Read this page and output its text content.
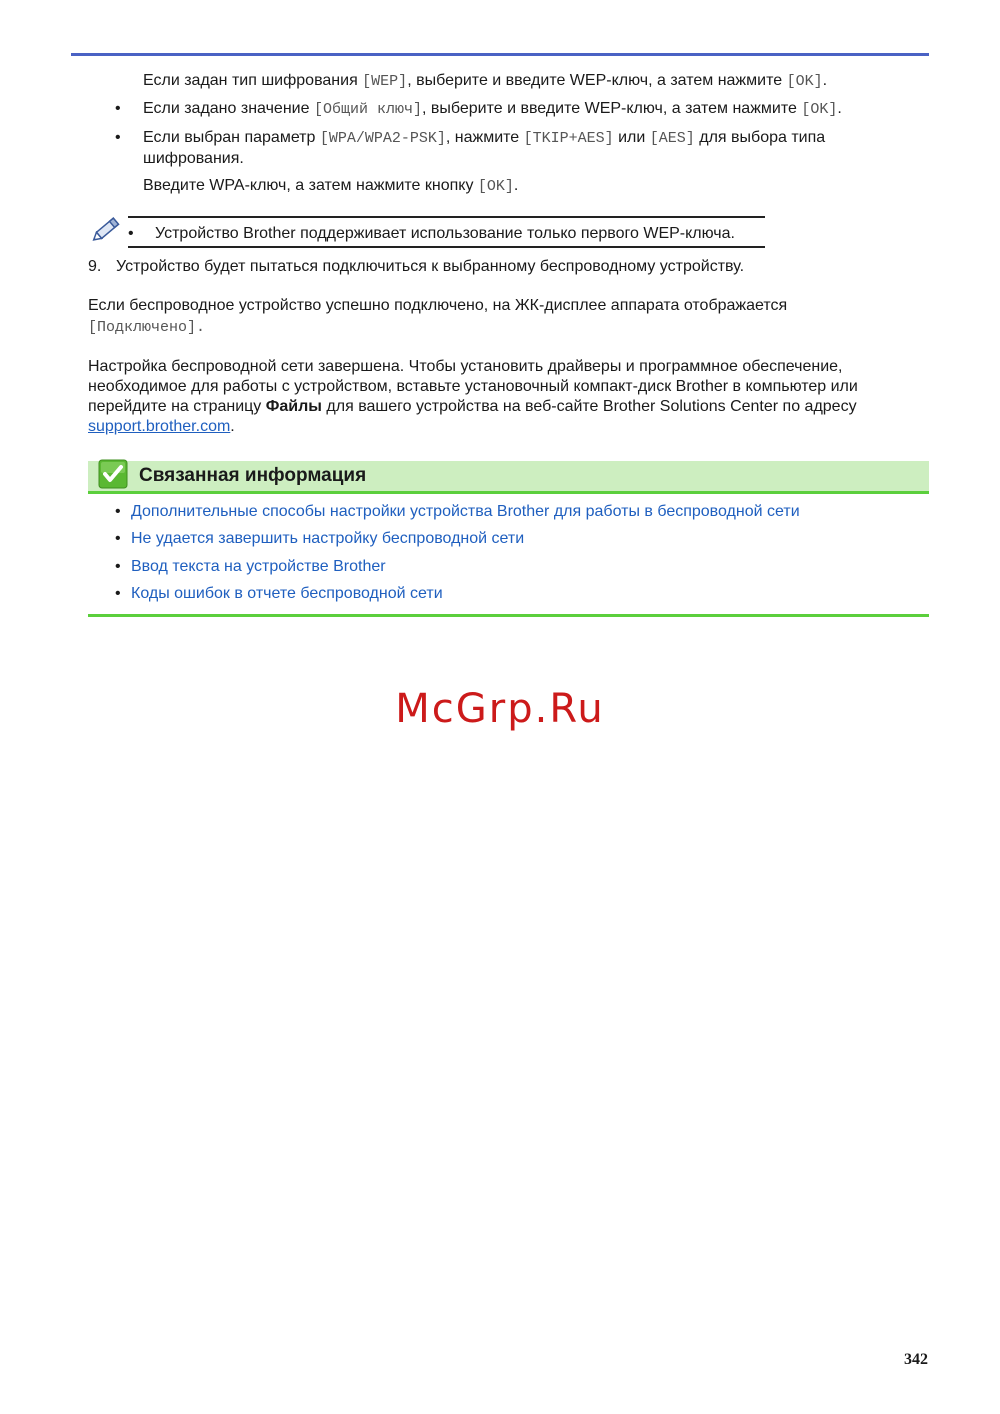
Если задан тип шифрования [WEP], выберите и введите WEP-ключ, а затем нажмите [OK].
• Если задано значение [Общий ключ], выберите и введите WEP-ключ, а затем нажмите [OK].
• Если выбран параметр [WPA/WPA2-PSK], нажмите [TKIP+AES] или [AES] для выбора типа
шифрования.
Введите WPA-ключ, а затем нажмите кнопку [OK].
• Устройство Brother поддерживает использование только первого WEP-ключа.
9. Устройство будет пытаться подключиться к выбранному беспроводному устройству.
Если беспроводное устройство успешно подключено, на ЖК-дисплее аппарата отображается
[Подключено].
Настройка беспроводной сети завершена. Чтобы установить драйверы и программное обеспечение,
необходимое для работы с устройством, вставьте установочный компакт-диск Brother в компьютер или
перейдите на страницу Файлы для вашего устройства на веб-сайте Brother Solutions Center по адресу
support.brother.com.
Связанная информация
• Дополнительные способы настройки устройства Brother для работы в беспроводной сети
• Не удается завершить настройку беспроводной сети
• Ввод текста на устройстве Brother
• Коды ошибок в отчете беспроводной сети
McGrp.Ru
342
